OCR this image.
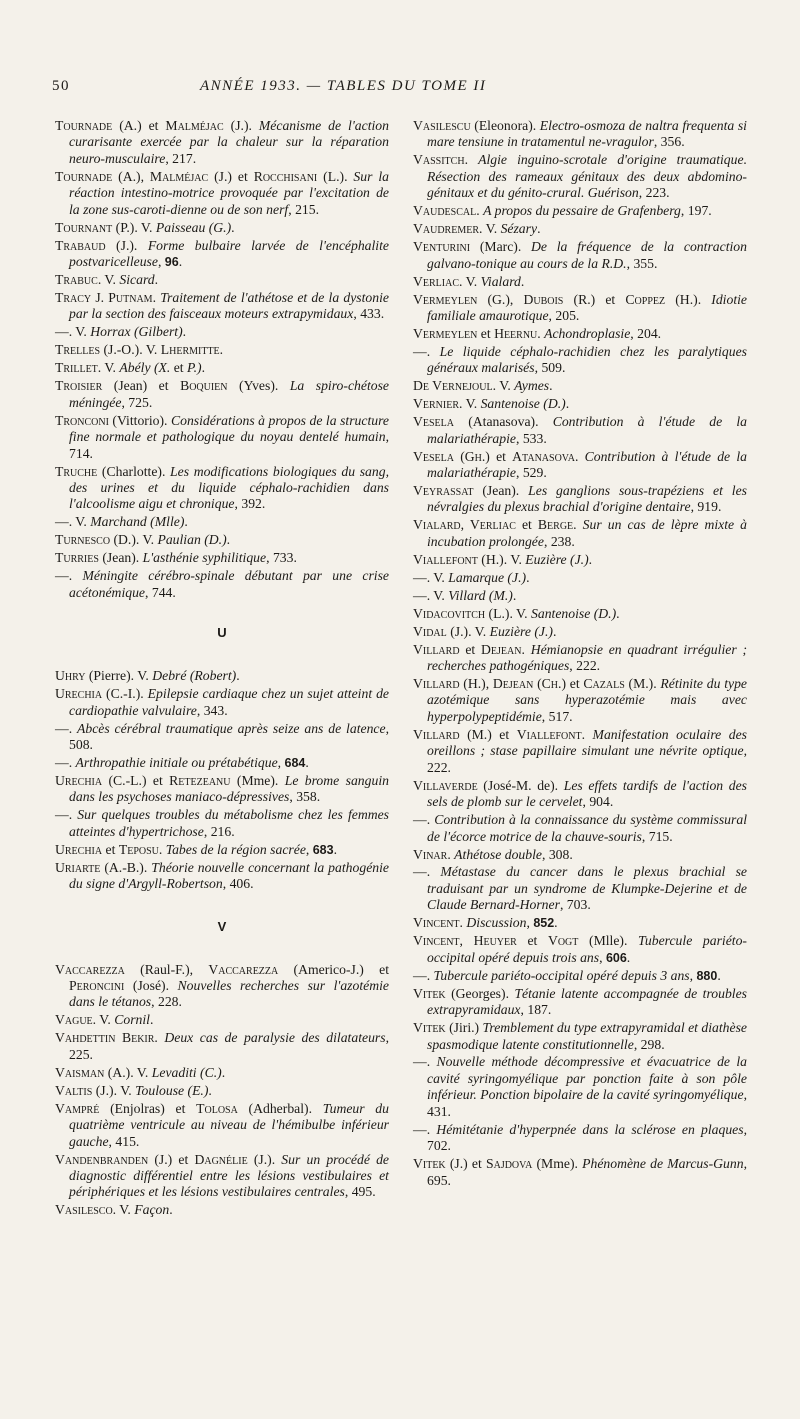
50	ANNÉE 1933. — TABLES DU TOME II

Tournade (A.) et Malméjac (J.). Mécanisme de l'action curarisante exercée par la chaleur sur la réparation neuro-musculaire, 217.

Tournade (A.), Malméjac (J.) et Rocchisani (L.). Sur la réaction intestino-motrice provoquée par l'excitation de la zone sus-caroti-dienne ou de son nerf, 215.

Tournant (P.). V. Paisseau (G.).

Trabaud (J.). Forme bulbaire larvée de l'encéphalite postvaricelleuse, 96.

Trabuc. V. Sicard.

Tracy J. Putnam. Traitement de l'athétose et de la dystonie par la section des faisceaux moteurs extrapymidaux, 433.

—. V. Horrax (Gilbert).

Trelles (J.-O.). V. Lhermitte.

Trillet. V. Abély (X. et P.).

Troisier (Jean) et Boquien (Yves). La spiro-chétose méningée, 725.

Tronconi (Vittorio). Considérations à propos de la structure fine normale et pathologique du noyau dentelé humain, 714.

Truche (Charlotte). Les modifications biologiques du sang, des urines et du liquide céphalo-rachidien dans l'alcoolisme aigu et chronique, 392.

—. V. Marchand (Mlle).

Turnesco (D.). V. Paulian (D.).

Turries (Jean). L'asthénie syphilitique, 733.

—. Méningite cérébro-spinale débutant par une crise acétonémique, 744.

U

Uhry (Pierre). V. Debré (Robert).

Urechia (C.-I.). Epilepsie cardiaque chez un sujet atteint de cardiopathie valvulaire, 343.

—. Abcès cérébral traumatique après seize ans de latence, 508.

—. Arthropathie initiale ou prétabétique, 684.

Urechia (C.-L.) et Retezeanu (Mme). Le brome sanguin dans les psychoses maniaco-dépressives, 358.

—. Sur quelques troubles du métabolisme chez les femmes atteintes d'hypertrichose, 216.

Urechia et Teposu. Tabes de la région sacrée, 683.

Uriarte (A.-B.). Théorie nouvelle concernant la pathogénie du signe d'Argyll-Robertson, 406.

V

Vaccarezza (Raul-F.), Vaccarezza (Americo-J.) et Peroncini (José). Nouvelles recherches sur l'azotémie dans le tétanos, 228.

Vague. V. Cornil.

Vahdettin Bekir. Deux cas de paralysie des dilatateurs, 225.

Vaisman (A.). V. Levaditi (C.).

Valtis (J.). V. Toulouse (E.).

Vampré (Enjolras) et Tolosa (Adherbal). Tumeur du quatrième ventricule au niveau de l'hémibulbe inférieur gauche, 415.

Vandenbranden (J.) et Dagnélie (J.). Sur un procédé de diagnostic différentiel entre les lésions vestibulaires et périphériques et les lésions vestibulaires centrales, 495.

Vasilesco. V. Façon.

Vasilescu (Eleonora). Electro-osmoza de naltra frequenta si mare tensiune in tratamentul ne-vragulor, 356.

Vassitch. Algie inguino-scrotale d'origine traumatique. Résection des rameaux génitaux des deux abdomino-génitaux et du génito-crural. Guérison, 223.

Vaudescal. A propos du pessaire de Grafenberg, 197.

Vaudremer. V. Sézary.

Venturini (Marc). De la fréquence de la contraction galvano-tonique au cours de la R.D., 355.

Verliac. V. Vialard.

Vermeylen (G.), Dubois (R.) et Coppez (H.). Idiotie familiale amaurotique, 205.

Vermeylen et Heernu. Achondroplasie, 204.

—. Le liquide céphalo-rachidien chez les paralytiques généraux malarisés, 509.

De Vernejoul. V. Aymes.

Vernier. V. Santenoise (D.).

Vesela (Atanasova). Contribution à l'étude de la malariathérapie, 533.

Vesela (Gh.) et Atanasova. Contribution à l'étude de la malariathérapie, 529.

Veyrassat (Jean). Les ganglions sous-trapéziens et les névralgies du plexus brachial d'origine dentaire, 919.

Vialard, Verliac et Berge. Sur un cas de lèpre mixte à incubation prolongée, 238.

Viallefont (H.). V. Euzière (J.).

—. V. Lamarque (J.).

—. V. Villard (M.).

Vidacovitch (L.). V. Santenoise (D.).

Vidal (J.). V. Euzière (J.).

Villard et Dejean. Hémianopsie en quadrant irrégulier ; recherches pathogéniques, 222.

Villard (H.), Dejean (Ch.) et Cazals (M.). Rétinite du type azotémique sans hyperazotémie mais avec hyperpolypeptidémie, 517.

Villard (M.) et Viallefont. Manifestation oculaire des oreillons ; stase papillaire simulant une névrite optique, 222.

Villaverde (José-M. de). Les effets tardifs de l'action des sels de plomb sur le cervelet, 904.

—. Contribution à la connaissance du système commissural de l'écorce motrice de la chauve-souris, 715.

Vinar. Athétose double, 308.

—. Métastase du cancer dans le plexus brachial se traduisant par un syndrome de Klumpke-Dejerine et de Claude Bernard-Horner, 703.

Vincent. Discussion, 852.

Vincent, Heuyer et Vogt (Mlle). Tubercule pariéto-occipital opéré depuis trois ans, 606.

—. Tubercule pariéto-occipital opéré depuis 3 ans, 880.

Vitek (Georges). Tétanie latente accompagnée de troubles extrapyramidaux, 187.

Vitek (Jiri.) Tremblement du type extrapyramidal et diathèse spasmodique latente constitutionnelle, 298.

—. Nouvelle méthode décompressive et évacuatrice de la cavité syringomyélique par ponction faite à son pôle inférieur. Ponction bipolaire de la cavité syringomyélique, 431.

—. Hémitétanie d'hyperpnée dans la sclérose en plaques, 702.

Vitek (J.) et Sajdova (Mme). Phénomène de Marcus-Gunn, 695.
